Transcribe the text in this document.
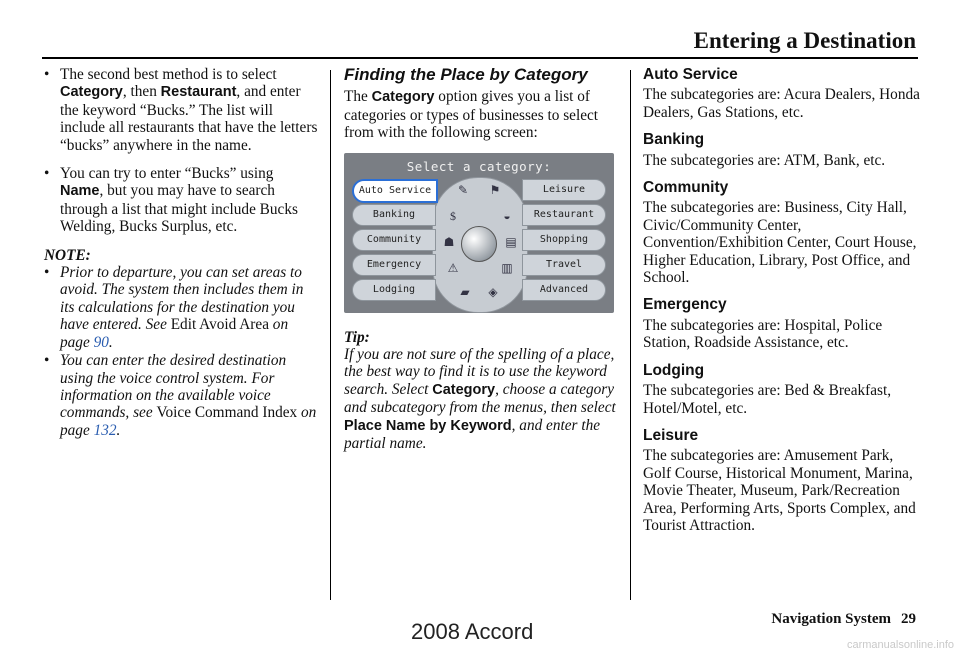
Entering a Destination
• The second best method is to select Category, then Restaurant, and enter the keyword “Bucks.” The list will include all restaurants that have the letters “bucks” anywhere in the name.
• You can try to enter “Bucks” using Name, but you may have to search through a list that might include Bucks Welding, Bucks Surplus, etc.
NOTE:
• Prior to departure, you can set areas to avoid. The system then includes them in its calculations for the destination you have entered. See Edit Avoid Area on page 90.
• You can enter the desired destination using the voice control system. For information on the available voice commands, see Voice Command Index on page 132.
Finding the Place by Category
The Category option gives you a list of categories or types of businesses to select from with the following screen:
Select a category:
Auto Service
Banking
Community
Emergency
Lodging
Leisure
Restaurant
Shopping
Travel
Advanced
✎ ⚑
$	◒
☗	▤
⚠	▥
▰ ◈
Tip:
If you are not sure of the spelling of a place, the best way to find it is to use the keyword search. Select Category, choose a category and subcategory from the menus, then select Place Name by Keyword, and enter the partial name.
Auto Service

The subcategories are: Acura Dealers, Honda Dealers, Gas Stations, etc.

Banking

The subcategories are: ATM, Bank, etc.

Community

The subcategories are: Business, City Hall, Civic/Community Center, Convention/Exhibition Center, Court House, Higher Education, Library, Post Office, and School.

Emergency

The subcategories are: Hospital, Police Station, Roadside Assistance, etc.

Lodging

The subcategories are: Bed & Breakfast, Hotel/Motel, etc.

Leisure

The subcategories are: Amusement Park, Golf Course, Historical Monument, Marina, Movie Theater, Museum, Park/Recreation Area, Performing Arts, Sports Complex, and Tourist Attraction.

Navigation System 29
2008 Accord
carmanualsonline.info
